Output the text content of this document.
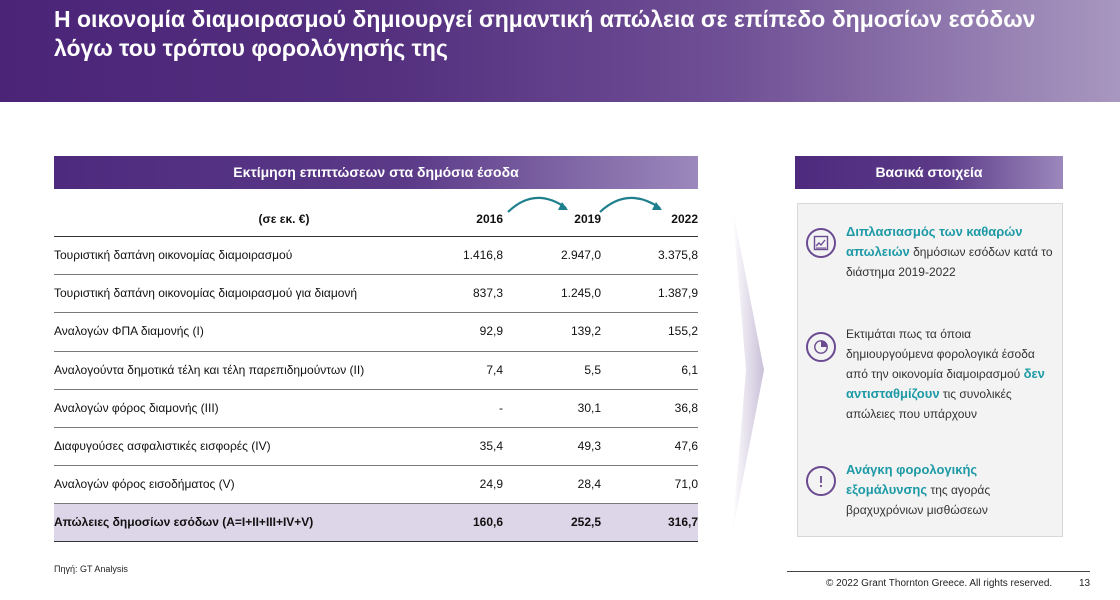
Η οικονομία διαμοιρασμού δημιουργεί σημαντική απώλεια σε επίπεδο δημοσίων εσόδων λόγω του τρόπου φορολόγησής της
Εκτίμηση επιπτώσεων στα δημόσια έσοδα
(σε εκ. €)	2016	2019	2022
Τουριστική δαπάνη οικονομίας διαμοιρασμού	1.416,8	2.947,0	3.375,8
Τουριστική δαπάνη οικονομίας διαμοιρασμού για διαμονή	837,3	1.245,0	1.387,9
Αναλογών ΦΠΑ διαμονής (I)	92,9	139,2	155,2
Αναλογούντα δημοτικά τέλη και τέλη παρεπιδημούντων (II)	7,4	5,5	6,1
Αναλογών φόρος διαμονής (III)	-	30,1	36,8
Διαφυγούσες ασφαλιστικές εισφορές (IV)	35,4	49,3	47,6
Αναλογών φόρος εισοδήματος (V)	24,9	28,4	71,0
Απώλειες δημοσίων εσόδων (A=I+II+III+IV+V)	160,6	252,5	316,7
Βασικά στοιχεία
Διπλασιασμός των καθαρών απωλειών δημόσιων εσόδων κατά το διάστημα 2019-2022
Εκτιμάται πως τα όποια δημιουργούμενα φορολογικά έσοδα από την οικονομία διαμοιρασμού δεν αντισταθμίζουν τις συνολικές απώλειες που υπάρχουν
Ανάγκη φορολογικής εξομάλυνσης της αγοράς βραχυχρόνιων μισθώσεων
Πηγή: GT Analysis
© 2022 Grant Thornton Greece. All rights reserved.	13
